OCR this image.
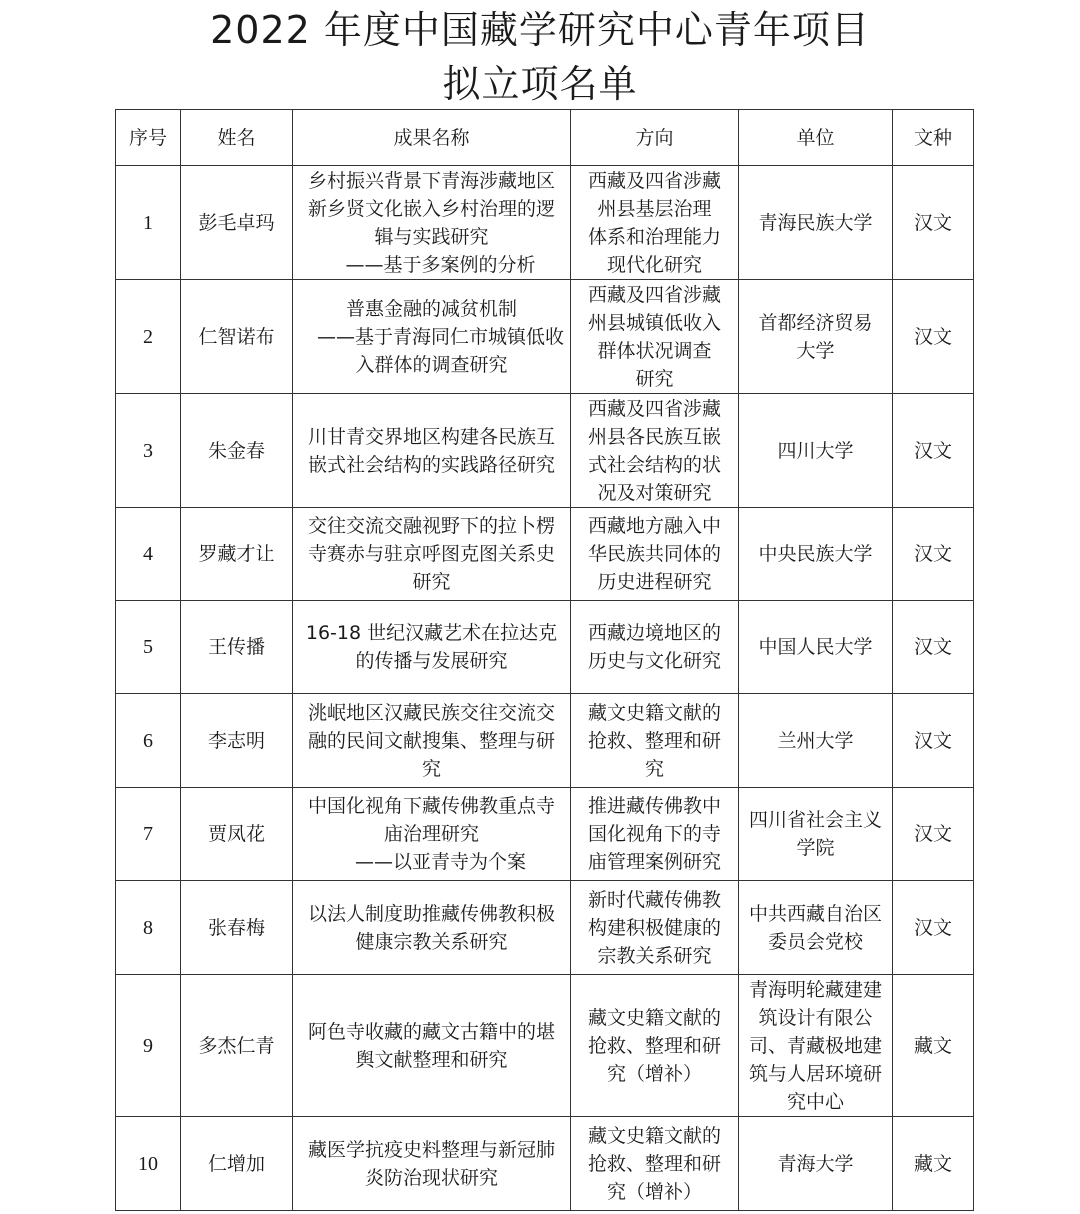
2022 年度中国藏学研究中心青年项目
拟立项名单
序号	姓名	成果名称	方向	单位	文种
1	彭毛卓玛	乡村振兴背景下青海涉藏地区
新乡贤文化嵌入乡村治理的逻
辑与实践研究
——基于多案例的分析	西藏及四省涉藏
州县基层治理
体系和治理能力
现代化研究	青海民族大学	汉文
2	仁智诺布	普惠金融的减贫机制
——基于青海同仁市城镇低收
入群体的调查研究	西藏及四省涉藏
州县城镇低收入
群体状况调查
研究	首都经济贸易
大学	汉文
3	朱金春	川甘青交界地区构建各民族互
嵌式社会结构的实践路径研究	西藏及四省涉藏
州县各民族互嵌
式社会结构的状
况及对策研究	四川大学	汉文
4	罗藏才让	交往交流交融视野下的拉卜楞
寺赛赤与驻京呼图克图关系史
研究	西藏地方融入中
华民族共同体的
历史进程研究	中央民族大学	汉文
5	王传播	16-18 世纪汉藏艺术在拉达克
的传播与发展研究	西藏边境地区的
历史与文化研究	中国人民大学	汉文
6	李志明	洮岷地区汉藏民族交往交流交
融的民间文献搜集、整理与研
究	藏文史籍文献的
抢救、整理和研
究	兰州大学	汉文
7	贾凤花	中国化视角下藏传佛教重点寺
庙治理研究
——以亚青寺为个案	推进藏传佛教中
国化视角下的寺
庙管理案例研究	四川省社会主义
学院	汉文
8	张春梅	以法人制度助推藏传佛教积极
健康宗教关系研究	新时代藏传佛教
构建积极健康的
宗教关系研究	中共西藏自治区
委员会党校	汉文
9	多杰仁青	阿色寺收藏的藏文古籍中的堪
舆文献整理和研究	藏文史籍文献的
抢救、整理和研
究（增补）	青海明轮藏建建
筑设计有限公
司、青藏极地建
筑与人居环境研
究中心	藏文
10	仁增加	藏医学抗疫史料整理与新冠肺
炎防治现状研究	藏文史籍文献的
抢救、整理和研
究（增补）	青海大学	藏文
